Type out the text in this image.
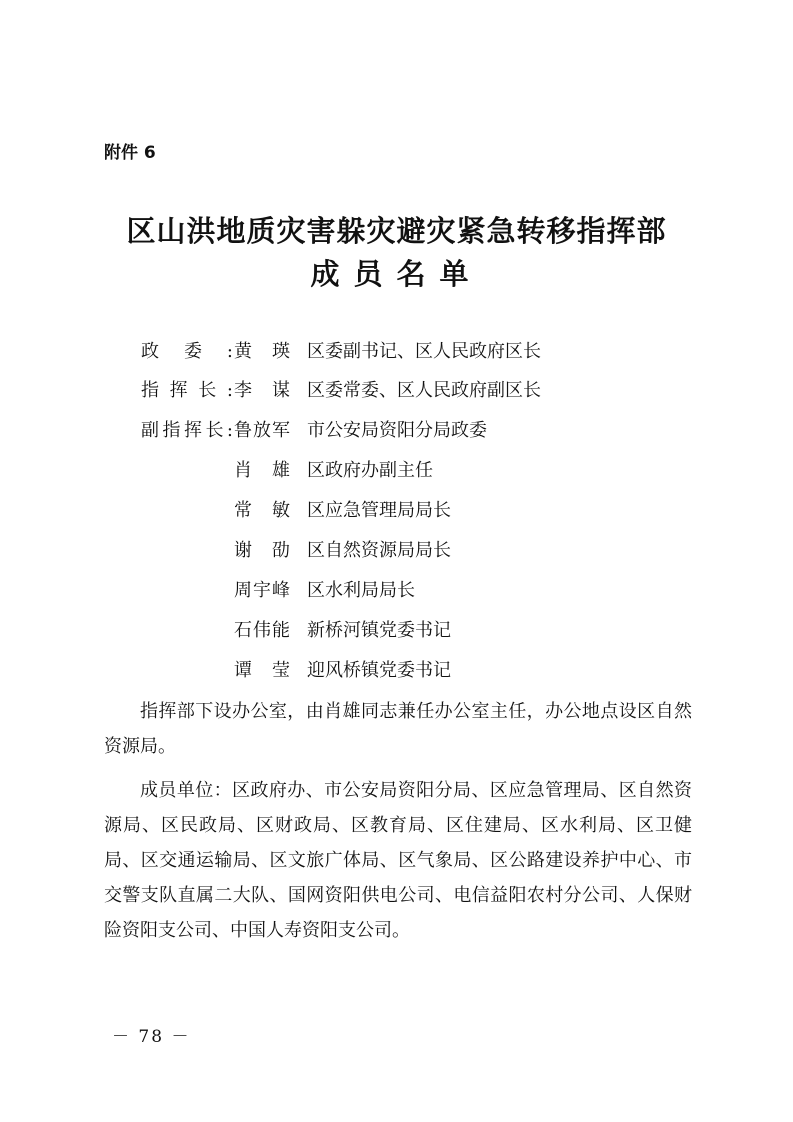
附件 6
区山洪地质灾害躲灾避灾紧急转移指挥部
成员名单
政委: 黄瑛 区委副书记、区人民政府区长
指挥长: 李谋 区委常委、区人民政府副区长
副指挥长: 鲁放军 市公安局资阳分局政委
肖雄 区政府办副主任
常敏 区应急管理局局长
谢劭 区自然资源局局长
周宇峰 区水利局局长
石伟能 新桥河镇党委书记
谭莹 迎风桥镇党委书记

指挥部下设办公室，由肖雄同志兼任办公室主任，办公地点设区自然资源局。

成员单位：区政府办、市公安局资阳分局、区应急管理局、区自然资源局、区民政局、区财政局、区教育局、区住建局、区水利局、区卫健局、区交通运输局、区文旅广体局、区气象局、区公路建设养护中心、市交警支队直属二大队、国网资阳供电公司、电信益阳农村分公司、人保财险资阳支公司、中国人寿资阳支公司。

－ 78 －
